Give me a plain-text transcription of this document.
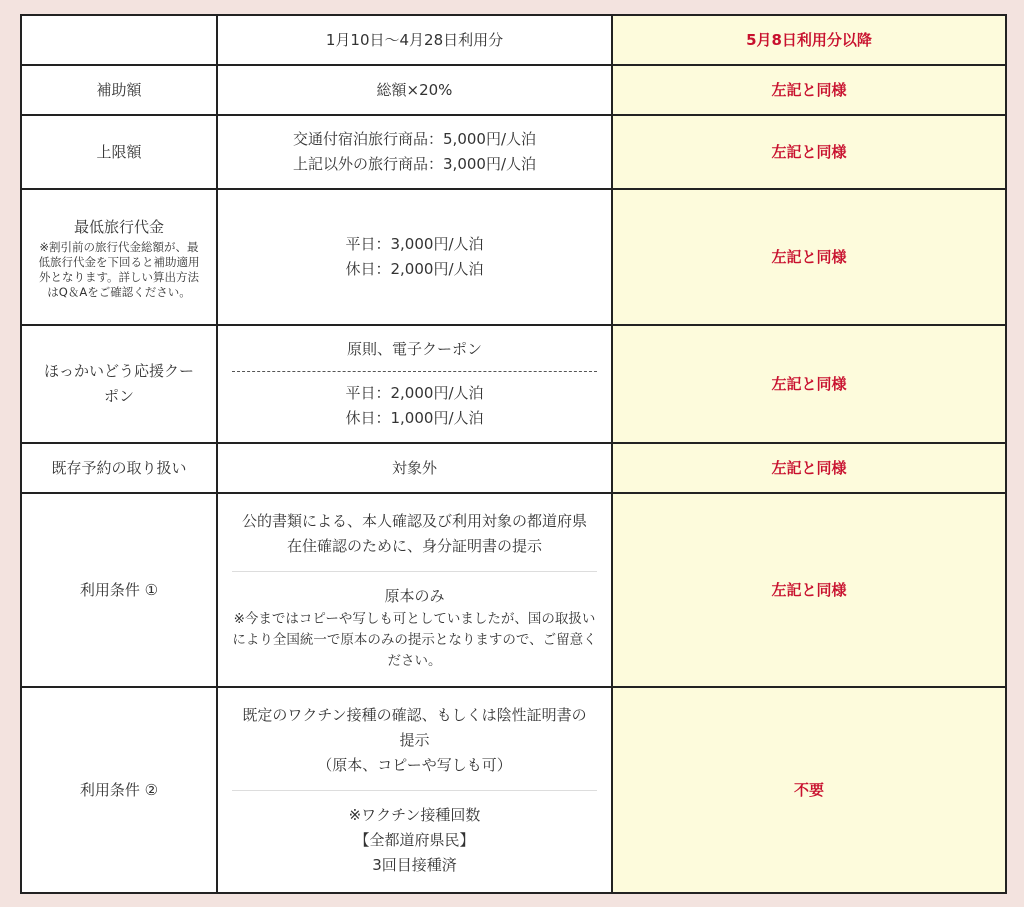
	1月10日～4月28日利用分	5月8日利用分以降
補助額	総額×20%	左記と同様
上限額	交通付宿泊旅行商品：5,000円/人泊
上記以外の旅行商品：3,000円/人泊	左記と同様

最低旅行代金
※割引前の旅行代金総額が、最低旅行代金を下回ると補助適用外となります。詳しい算出方法はQ＆Aをご確認ください。	平日：3,000円/人泊
休日：2,000円/人泊	左記と同様
ほっかいどう応援クーポン	原則、電子クーポン
平日：2,000円/人泊
休日：1,000円/人泊	左記と同様
既存予約の取り扱い	対象外	左記と同様
利用条件 ①	公的書類による、本人確認及び利用対象の都道府県在住確認のために、身分証明書の提示
原本のみ
※今まではコピーや写しも可としていましたが、国の取扱いにより全国統一で原本のみの提示となりますので、ご留意ください。	左記と同様
利用条件 ②	既定のワクチン接種の確認、もしくは陰性証明書の提示
（原本、コピーや写しも可）
※ワクチン接種回数
【全都道府県民】
3回目接種済	不要
